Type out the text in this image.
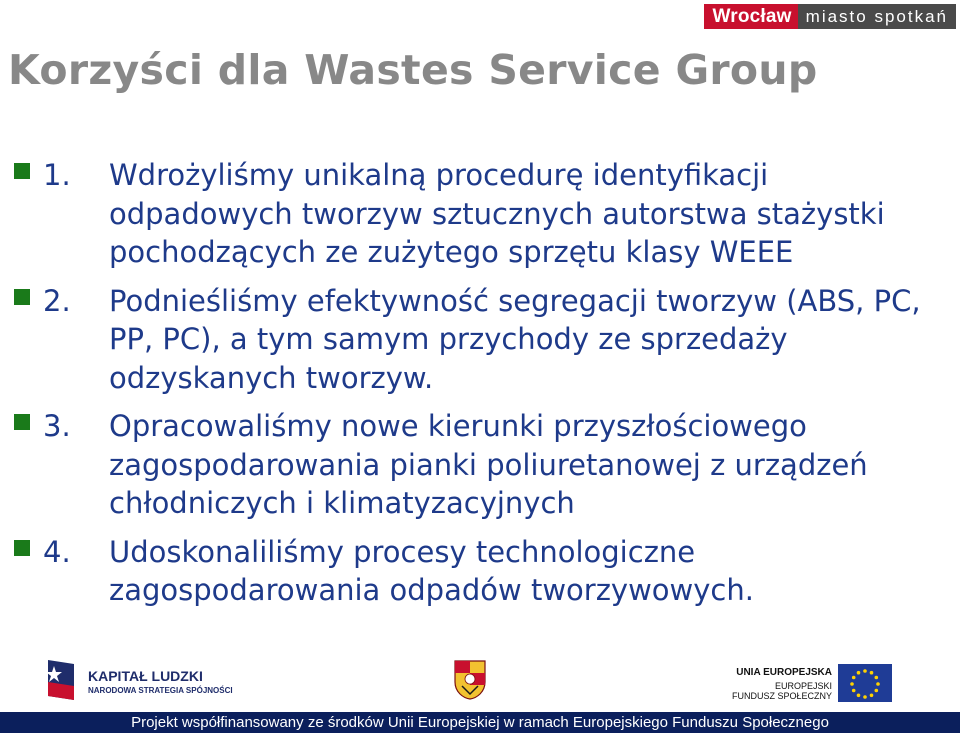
Wrocław miasto spotkań
Korzyści dla Wastes Service Group
1. Wdrożyliśmy unikalną procedurę identyfikacji odpadowych tworzyw sztucznych autorstwa stażystki pochodzących ze zużytego sprzętu klasy WEEE
2. Podnieśliśmy efektywność segregacji tworzyw (ABS, PC, PP, PC), a tym samym przychody ze sprzedaży odzyskanych tworzyw.
3. Opracowaliśmy nowe kierunki przyszłościowego zagospodarowania pianki poliuretanowej z urządzeń chłodniczych i klimatyzacyjnych
4. Udoskonaliliśmy procesy technologiczne zagospodarowania odpadów tworzywowych.
KAPITAŁ LUDZKI
NARODOWA STRATEGIA SPÓJNOŚCI
UNIA EUROPEJSKA
EUROPEJSKI
FUNDUSZ SPOŁECZNY
Projekt współfinansowany ze środków Unii Europejskiej w ramach Europejskiego Funduszu Społecznego
